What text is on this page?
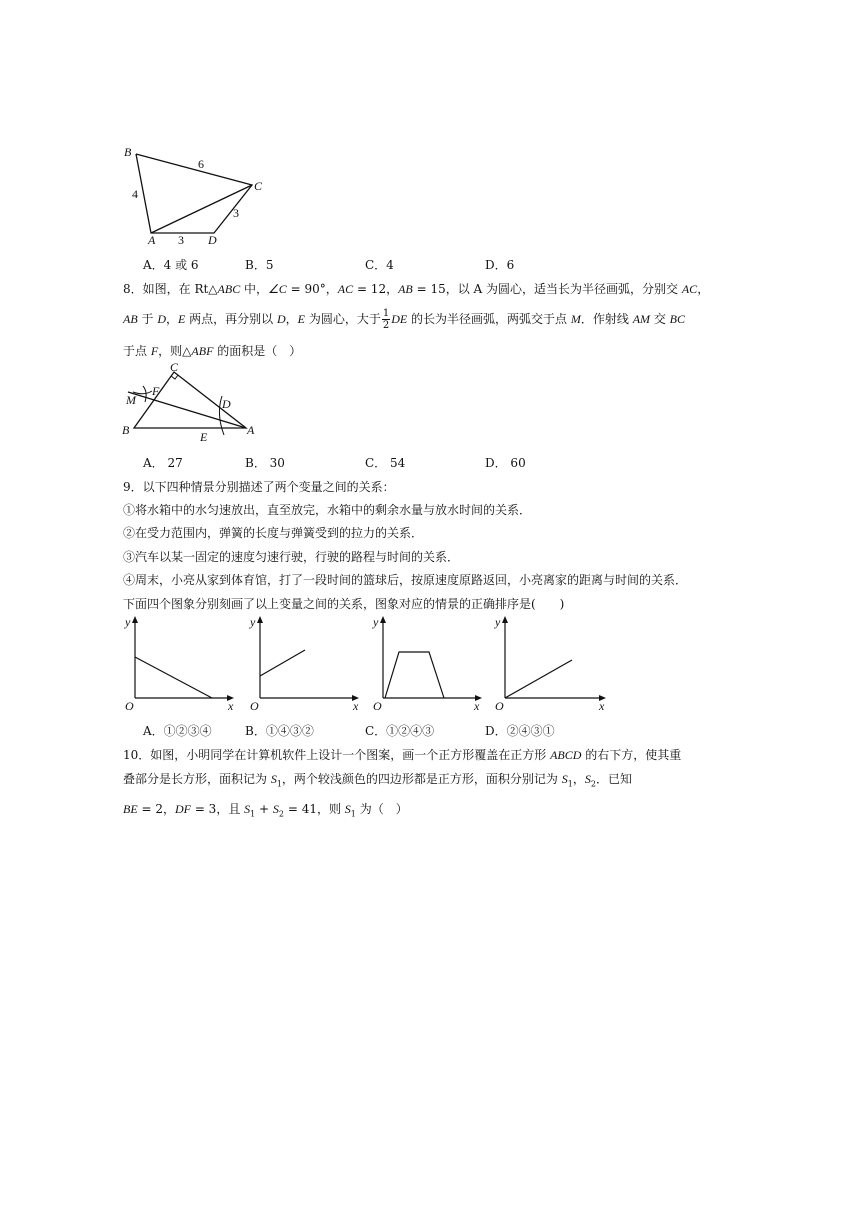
B
C
A	D
6
4
3
3
A．4 或 6	B．5	C．4	D．6
8．如图，在 Rt△ABC 中，∠C = 90°，AC = 12，AB = 15，以 A 为圆心，适当长为半径画弧，分别交 AC，
AB 于 D，E 两点，再分别以 D，E 为圆心，大于 $\frac{1}{2}$ DE 的长为半径画弧，两弧交于点 M．作射线 AM 交 BC
于点 F，则△ABF 的面积是（　）
C
M
F
D
B	E	A
A． 27	B． 30	C． 54	D． 60
9．以下四种情景分别描述了两个变量之间的关系：
①将水箱中的水匀速放出，直至放完，水箱中的剩余水量与放水时间的关系．
②在受力范围内，弹簧的长度与弹簧受到的拉力的关系．
③汽车以某一固定的速度匀速行驶，行驶的路程与时间的关系．
④周末，小亮从家到体育馆，打了一段时间的篮球后，按原速度原路返回，小亮离家的距离与时间的关系．
下面四个图象分别刻画了以上变量之间的关系，图象对应的情景的正确排序是(　　)
y
x
O
y
x
O
y
x
O
y
x
O
A．①②③④	B．①④③②	C．①②④③	D．②④③①
10．如图，小明同学在计算机软件上设计一个图案，画一个正方形覆盖在正方形 ABCD 的右下方，使其重
叠部分是长方形，面积记为 $S_1$，两个较浅颜色的四边形都是正方形，面积分别记为 $S_1$，$S_2$．已知
BE = 2，DF = 3，且 $S_1 + S_2 = 41$，则 $S_1$ 为（　）
